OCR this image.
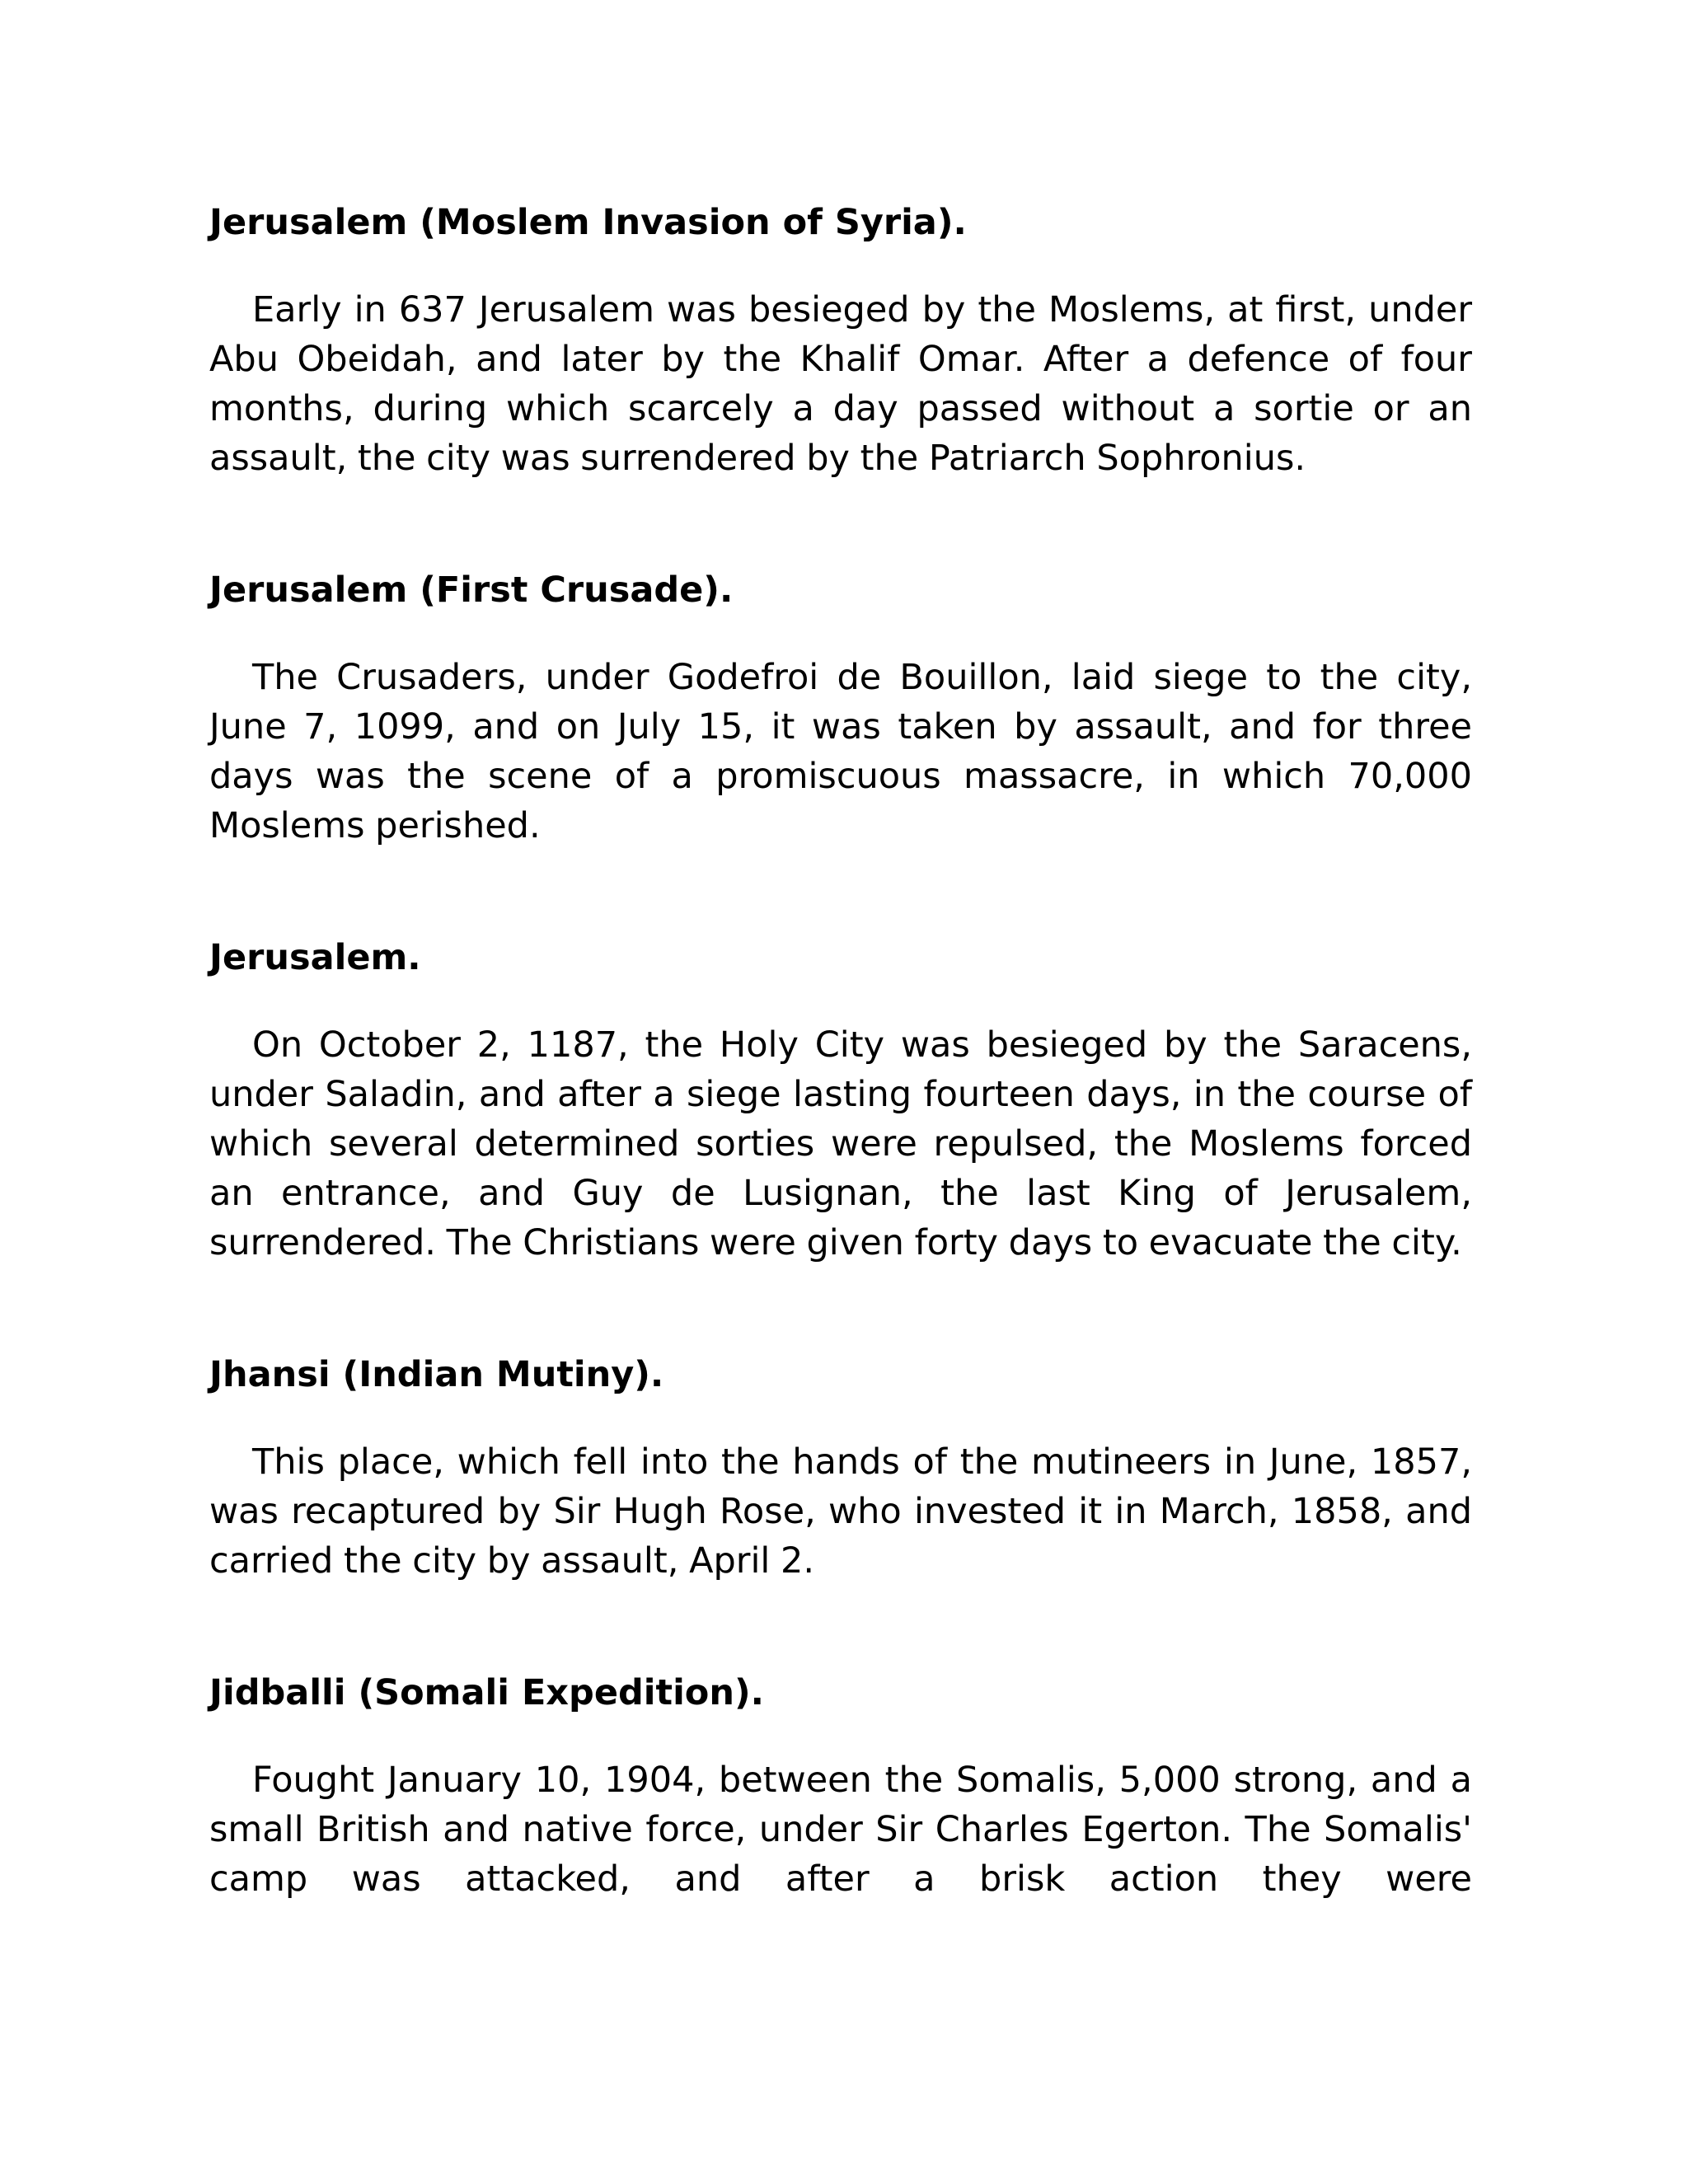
Jerusalem (Moslem Invasion of Syria).

Early in 637 Jerusalem was besieged by the Moslems, at first, under Abu Obeidah, and later by the Khalif Omar. After a defence of four months, during which scarcely a day passed without a sortie or an assault, the city was surrendered by the Patriarch Sophronius.

Jerusalem (First Crusade).

The Crusaders, under Godefroi de Bouillon, laid siege to the city, June 7, 1099, and on July 15, it was taken by assault, and for three days was the scene of a promiscuous massacre, in which 70,000 Moslems perished.

Jerusalem.

On October 2, 1187, the Holy City was besieged by the Saracens, under Saladin, and after a siege lasting fourteen days, in the course of which several determined sorties were repulsed, the Moslems forced an entrance, and Guy de Lusignan, the last King of Jerusalem, surrendered. The Christians were given forty days to evacuate the city.

Jhansi (Indian Mutiny).

This place, which fell into the hands of the mutineers in June, 1857, was recaptured by Sir Hugh Rose, who invested it in March, 1858, and carried the city by assault, April 2.

Jidballi (Somali Expedition).

Fought January 10, 1904, between the Somalis, 5,000 strong, and a small British and native force, under Sir Charles Egerton. The Somalis' camp was attacked, and after a brisk action they were
